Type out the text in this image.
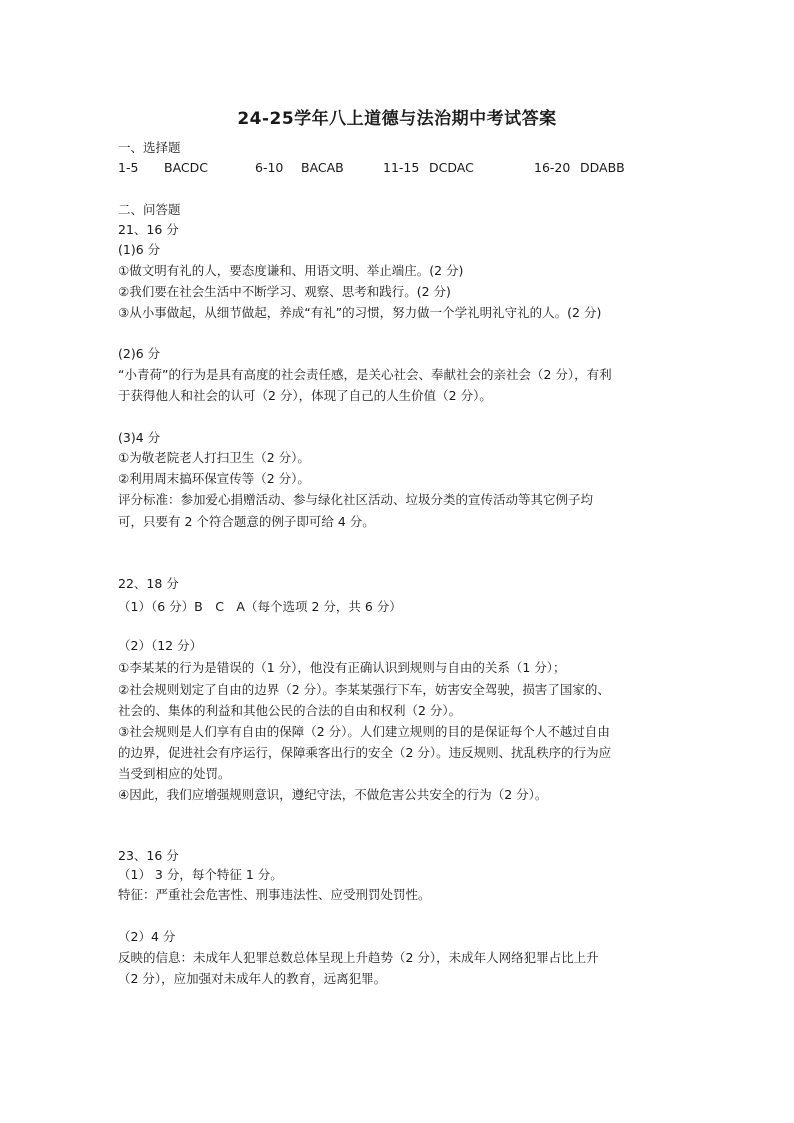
24-25学年八上道德与法治期中考试答案
一、选择题
1-5 BACDC	6-10 BACAB	11-15 DCDAC	16-20 DDABB
二、问答题
21、16 分
(1)6 分
①做文明有礼的人，要态度谦和、用语文明、举止端庄。(2 分)
②我们要在社会生活中不断学习、观察、思考和践行。(2 分)
③从小事做起，从细节做起，养成“有礼”的习惯，努力做一个学礼明礼守礼的人。(2 分)
(2)6 分
“小青荷”的行为是具有高度的社会责任感，是关心社会、奉献社会的亲社会（2 分），有利
于获得他人和社会的认可（2 分），体现了自己的人生价值（2 分）。
(3)4 分
①为敬老院老人打扫卫生（2 分）。
②利用周末搞环保宣传等（2 分）。
评分标准：参加爱心捐赠活动、参与绿化社区活动、垃圾分类的宣传活动等其它例子均
可，只要有 2 个符合题意的例子即可给 4 分。
22、18 分
（1）（6 分）B　C　A（每个选项 2 分，共 6 分）
（2）（12 分）
①李某某的行为是错误的（1 分），他没有正确认识到规则与自由的关系（1 分）；
②社会规则划定了自由的边界（2 分）。李某某强行下车，妨害安全驾驶，损害了国家的、
社会的、集体的利益和其他公民的合法的自由和权利（2 分）。
③社会规则是人们享有自由的保障（2 分）。人们建立规则的目的是保证每个人不越过自由
的边界，促进社会有序运行，保障乘客出行的安全（2 分）。违反规则、扰乱秩序的行为应
当受到相应的处罚。
④因此，我们应增强规则意识，遵纪守法，不做危害公共安全的行为（2 分）。
23、16 分
（1） 3 分，每个特征 1 分。
特征：严重社会危害性、刑事违法性、应受刑罚处罚性。
（2）4 分
反映的信息：未成年人犯罪总数总体呈现上升趋势（2 分），未成年人网络犯罪占比上升
（2 分），应加强对未成年人的教育，远离犯罪。
